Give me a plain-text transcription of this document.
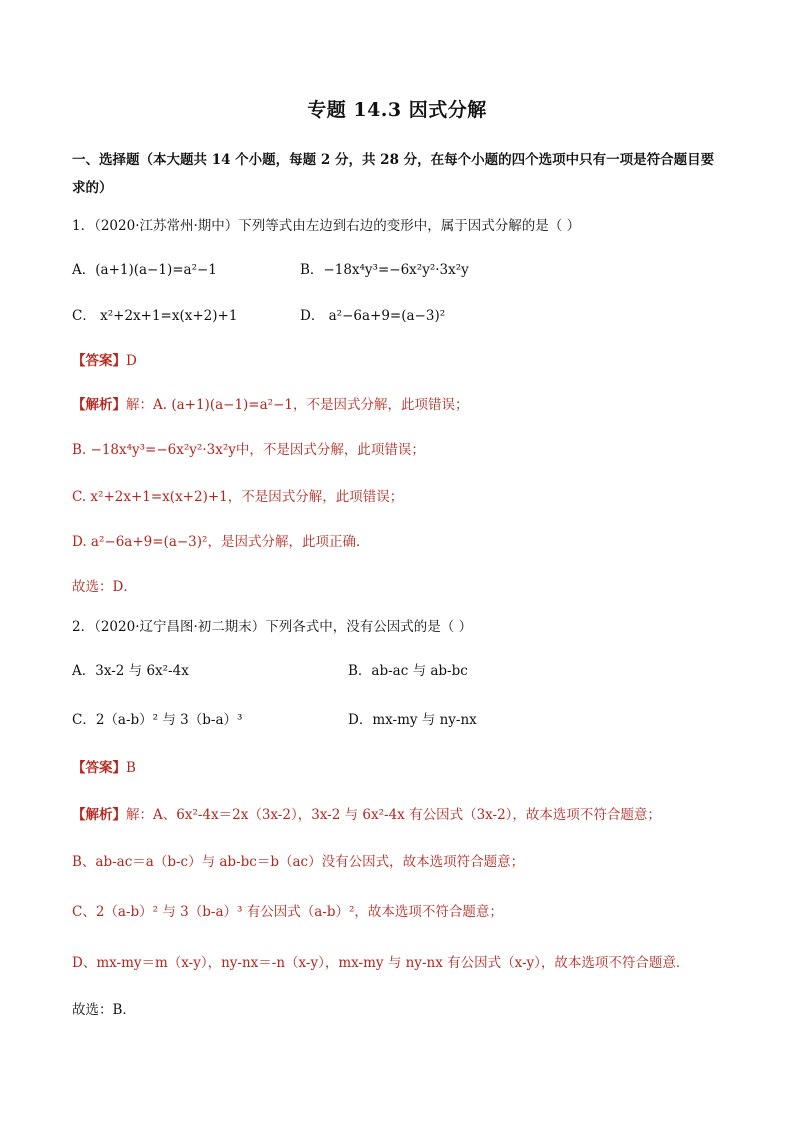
专题 14.3 因式分解
一、选择题（本大题共 14 个小题，每题 2 分，共 28 分，在每个小题的四个选项中只有一项是符合题目要
求的）
1．（2020·江苏常州·期中）下列等式由左边到右边的变形中，属于因式分解的是（ ）
A．(a+1)(a−1)=a²−1	B．−18x⁴y³=−6x²y²·3x²y
C． x²+2x+1=x(x+2)+1	D． a²−6a+9=(a−3)²
【答案】D
【解析】解：A. (a+1)(a−1)=a²−1，不是因式分解，此项错误；
B. −18x⁴y³=−6x²y²·3x²y中，不是因式分解，此项错误；
C. x²+2x+1=x(x+2)+1，不是因式分解，此项错误；
D. a²−6a+9=(a−3)²，是因式分解，此项正确．
故选：D．
2．（2020·辽宁昌图·初二期末）下列各式中，没有公因式的是（ ）
A．3x-2 与 6x²-4x	B．ab-ac 与 ab-bc
C．2（a-b）² 与 3（b-a）³	D．mx-my 与 ny-nx
【答案】B
【解析】解：A、6x²-4x＝2x（3x-2），3x-2 与 6x²-4x 有公因式（3x-2），故本选项不符合题意；
B、ab-ac＝a（b-c）与 ab-bc＝b（ac）没有公因式，故本选项符合题意；
C、2（a-b）² 与 3（b-a）³ 有公因式（a-b）²，故本选项不符合题意；
D、mx-my＝m（x-y），ny-nx＝-n（x-y），mx-my 与 ny-nx 有公因式（x-y），故本选项不符合题意．
故选：B．
